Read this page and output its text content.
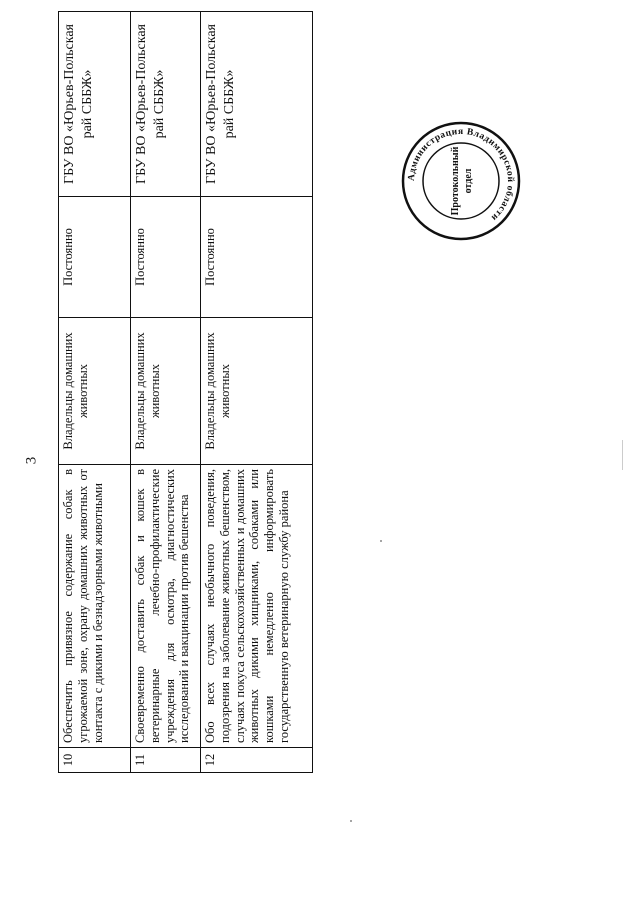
3
10	Обеспечить привязное содержание собак в угрожаемой зоне, охрану домашних животных от контакта с дикими и безнадзорными животными	Владельцы домашних животных	Постоянно	ГБУ ВО «Юрьев-Польская рай СББЖ»
11	Своевременно доставить собак и кошек в ветеринарные лечебно-профилактические учреждения для осмотра, диагностических исследований и вакцинации против бешенства	Владельцы домашних животных	Постоянно	ГБУ ВО «Юрьев-Польская рай СББЖ»
12	Обо всех случаях необычного поведения, подозрения на заболевание животных бешенством, случаях покуса сельскохозяйственных и домашних животных дикими хищниками, собаками или кошками немедленно информировать государственную ветеринарную службу района	Владельцы домашних животных	Постоянно	ГБУ ВО «Юрьев-Польская рай СББЖ»
Администрация Владимирской области
Протокольный отдел
